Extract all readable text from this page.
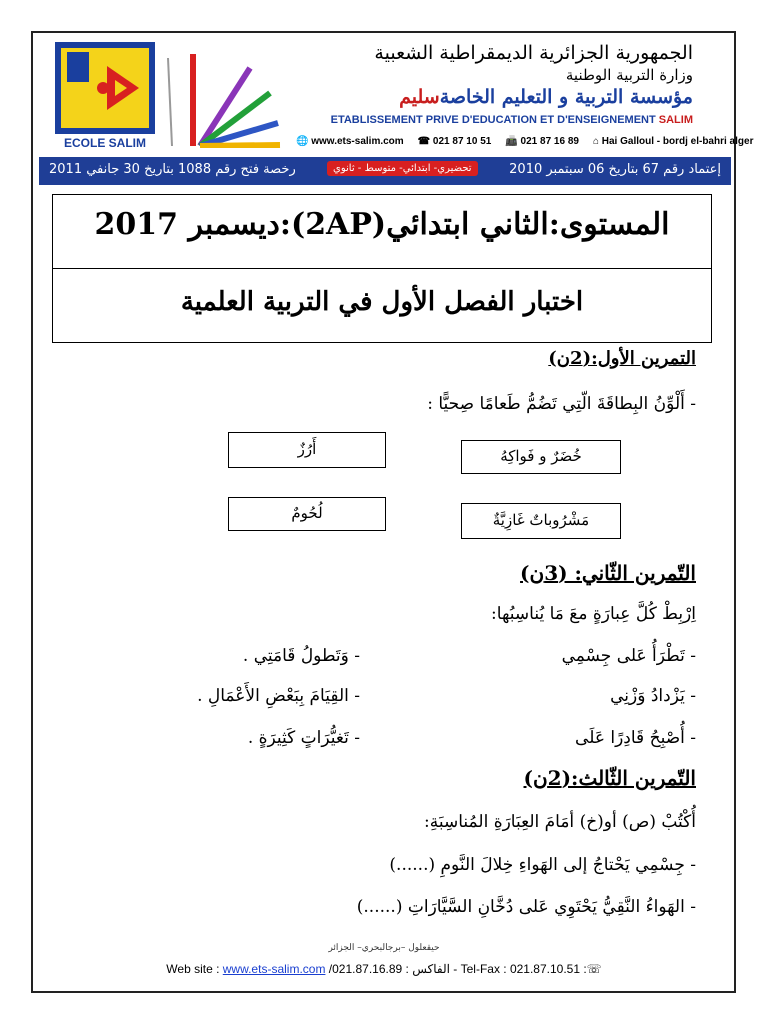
ECOLE SALIM
الجمهورية الجزائرية الديمقراطية الشعبية
وزارة التربية الوطنية
مؤسسة التربية و التعليم الخاصةسليم
ETABLISSEMENT PRIVE D'EDUCATION ET D'ENSEIGNEMENT SALIM
🌐 www.ets-salim.com ☎ 021 87 10 51 📠 021 87 16 89 ⌂ Hai Galloul - bordj el-bahri alger
رخصة فتح رقم 1088 بتاريخ 30 جانفي 2011	تحضيري- ابتدائي- متوسط - ثانوي	إعتماد رقم 67 بتاريخ 06 سبتمبر 2010
المستوى:الثاني ابتدائي(2AP):ديسمبر 2017
اختبار الفصل الأول في التربية العلمية
التمرين الأول:(2ن)
- أَلْوِّنُ البِطاقَةَ الّتِي تَضُمُّ طَعامًا صِحيًّا :
خُضَرٌ و فَواكِهُ
أَرُزٌ
مَشْرُوباتٌ غَازِيَّةٌ
لُحُومٌ
التّمرين الثّاني: (3ن)
اِرْبِطْ كُلَّ عِبارَةٍ معَ مَا يُناسِبُها:
- تَطْرَأُ عَلى جِسْمِي
- يَزْدادُ وَزْنِي
- أُصْبِحُ قَادِرًا عَلَى
- وَتَطولُ قَامَتِي .
- القِيَامَ بِبَعْضِ الأَعْمَالِ .
- تَغيُّرَاتٍ كَثِيرَةٍ .
التّمرين الثّالث:(2ن)
أُكْتُبْ (ص) أو(خ) أمَامَ العِبَارَةِ المُناسِبَةِ:
- جِسْمِي يَحْتاجُ إلى الهَواءِ خِلالَ النَّومِ (......)
- الهَواءُ النَّقِيُّ يَحْتَوِي عَلى دُخَّانِ السَّيَّارَاتِ (......)
حيقعلول –برجالبحري– الجزائر
Web site : www.ets-salim.com /021.87.16.89 : الفاكس - Tel-Fax : 021.87.10.51 :☏
